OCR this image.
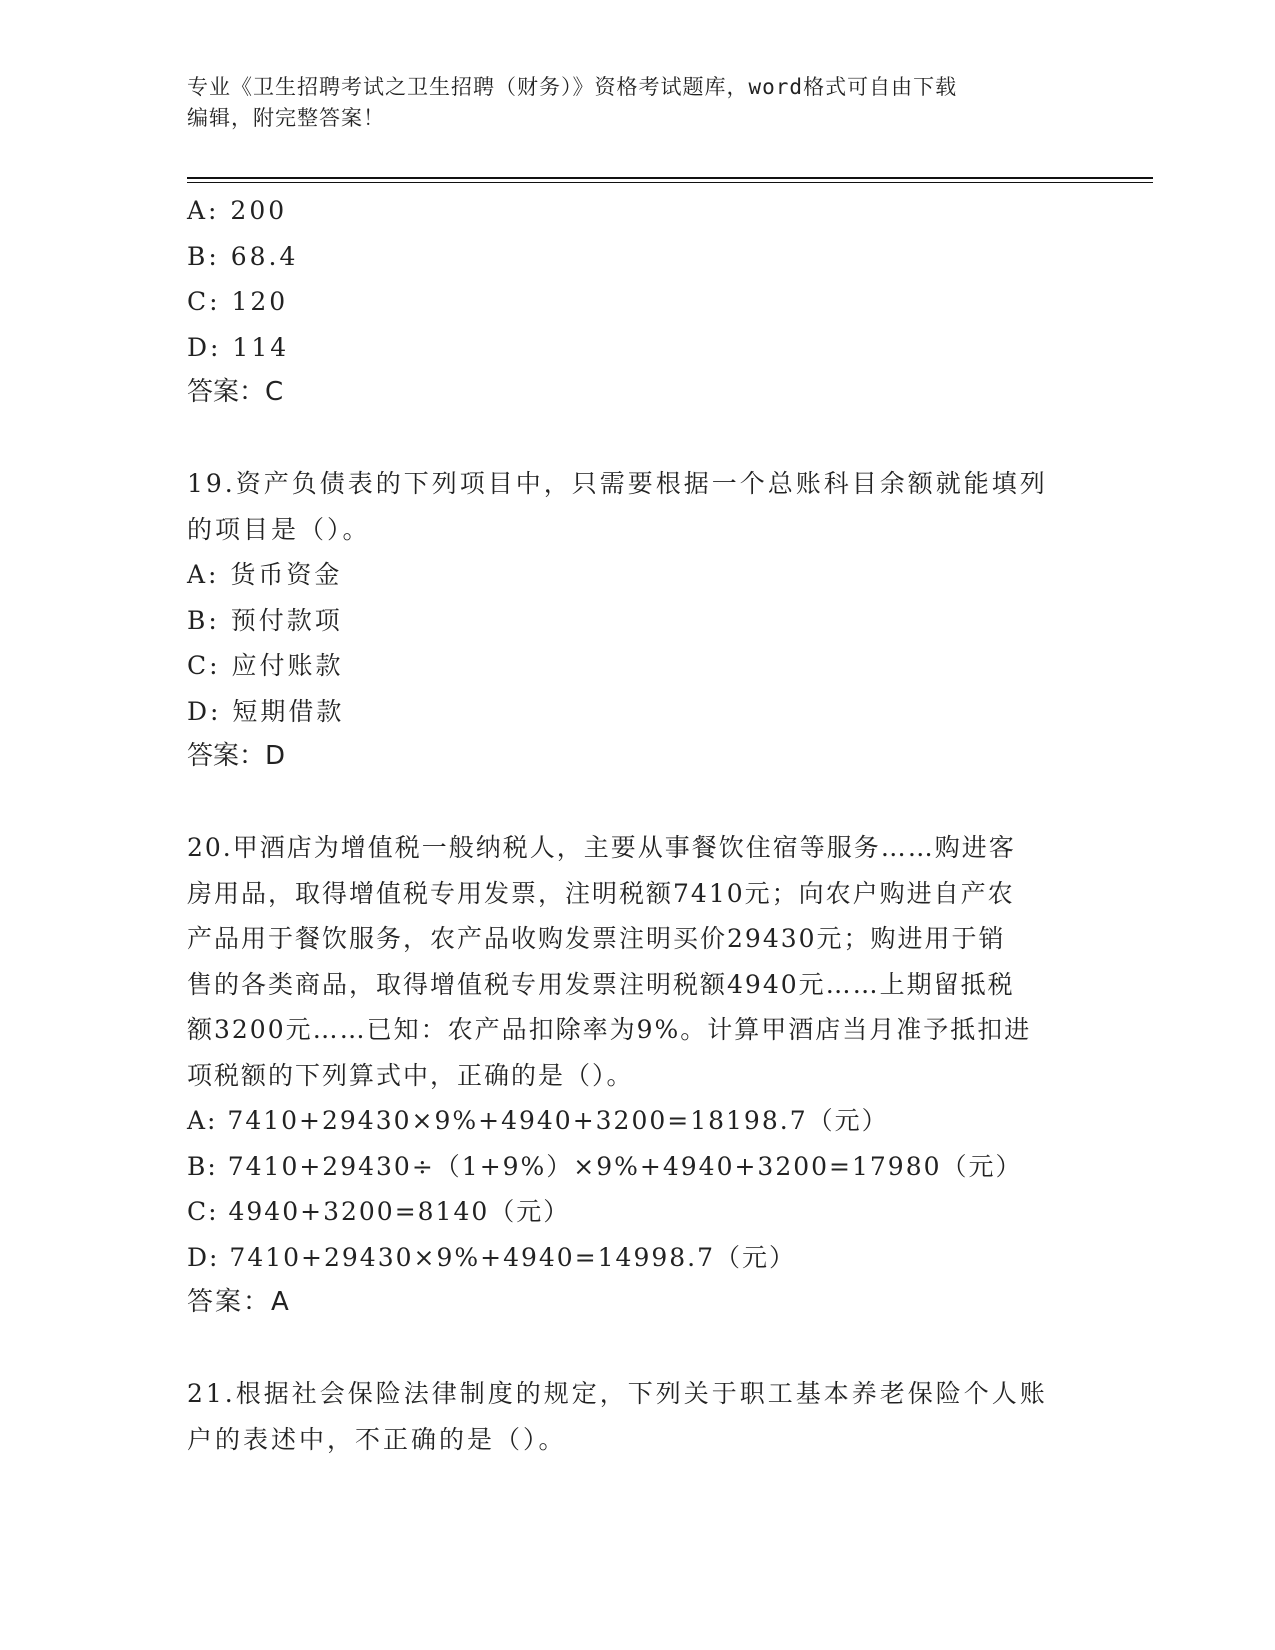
专业《卫生招聘考试之卫生招聘（财务）》资格考试题库，word格式可自由下载
编辑，附完整答案！
A: 200
B: 68.4
C: 120
D: 114
答案：C
19.资产负债表的下列项目中，只需要根据一个总账科目余额就能填列
的项目是（）。
A: 货币资金
B: 预付款项
C: 应付账款
D: 短期借款
答案：D
20.甲酒店为增值税一般纳税人，主要从事餐饮住宿等服务……购进客
房用品，取得增值税专用发票，注明税额7410元；向农户购进自产农
产品用于餐饮服务，农产品收购发票注明买价29430元；购进用于销
售的各类商品，取得增值税专用发票注明税额4940元……上期留抵税
额3200元……已知：农产品扣除率为9%。计算甲酒店当月准予抵扣进
项税额的下列算式中，正确的是（）。
A: 7410+29430×9%+4940+3200=18198.7（元）
B: 7410+29430÷（1+9%）×9%+4940+3200=17980（元）
C: 4940+3200=8140（元）
D: 7410+29430×9%+4940=14998.7（元）
答案：A
21.根据社会保险法律制度的规定，下列关于职工基本养老保险个人账
户的表述中，不正确的是（）。
